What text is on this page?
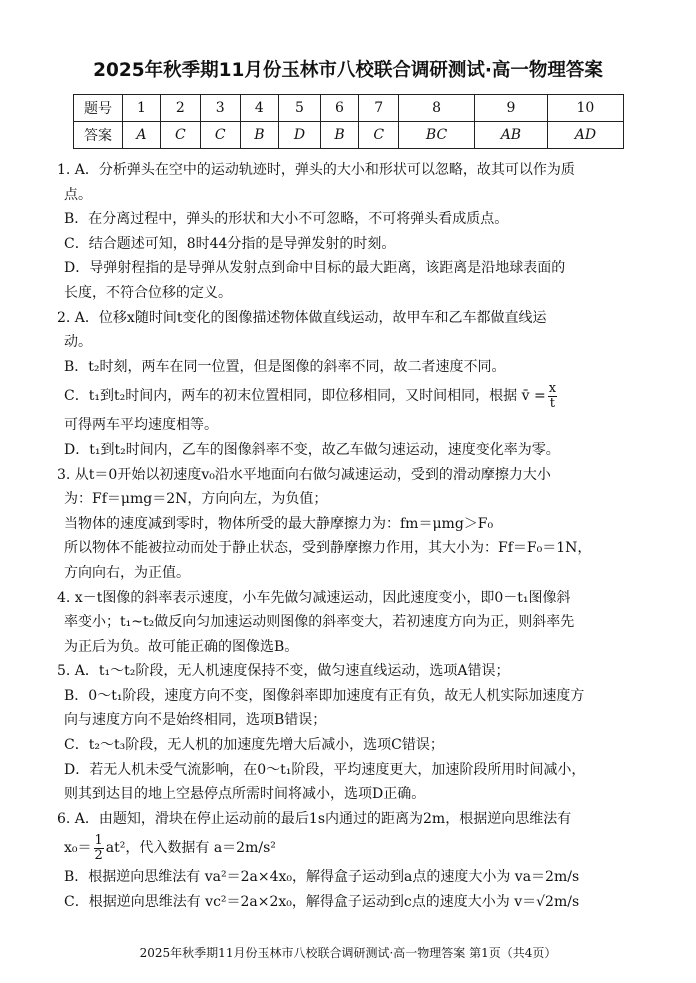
2025年秋季期11月份玉林市八校联合调研测试·高一物理答案
题号	1	2	3	4	5	6	7	8	9	10
答案	A	C	C	B	D	B	C	BC	AB	AD

1. A．分析弹头在空中的运动轨迹时，弹头的大小和形状可以忽略，故其可以作为质

点。

B．在分离过程中，弹头的形状和大小不可忽略，不可将弹头看成质点。

C．结合题述可知，8时44分指的是导弹发射的时刻。

D．导弹射程指的是导弹从发射点到命中目标的最大距离，该距离是沿地球表面的

长度，不符合位移的定义。

2. A．位移x随时间t变化的图像描述物体做直线运动，故甲车和乙车都做直线运

动。

B．t₂时刻，两车在同一位置，但是图像的斜率不同，故二者速度不同。

C．t₁到t₂时间内，两车的初末位置相同，即位移相同，又时间相同，根据 v̄ = $\frac{x}{t}$

可得两车平均速度相等。

D．t₁到t₂时间内，乙车的图像斜率不变，故乙车做匀速运动，速度变化率为零。

3. 从t＝0开始以初速度v₀沿水平地面向右做匀减速运动，受到的滑动摩擦力大小

为：Ff＝μmg＝2N，方向向左，为负值；

当物体的速度减到零时，物体所受的最大静摩擦力为：fm＝μmg＞F₀

所以物体不能被拉动而处于静止状态，受到静摩擦力作用，其大小为：Ff＝F₀＝1N，

方向向右，为正值。

4. x－t图像的斜率表示速度，小车先做匀减速运动，因此速度变小，即0－t₁图像斜

率变小；t₁~t₂做反向匀加速运动则图像的斜率变大，若初速度方向为正，则斜率先

为正后为负。故可能正确的图像选B。

5. A．t₁～t₂阶段，无人机速度保持不变，做匀速直线运动，选项A错误；

B．0～t₁阶段，速度方向不变，图像斜率即加速度有正有负，故无人机实际加速度方

向与速度方向不是始终相同，选项B错误；

C．t₂～t₃阶段，无人机的加速度先增大后减小，选项C错误；

D．若无人机未受气流影响，在0～t₁阶段，平均速度更大，加速阶段所用时间减小，

则其到达目的地上空悬停点所需时间将减小，选项D正确。

6. A．由题知，滑块在停止运动前的最后1s内通过的距离为2m，根据逆向思维法有

$x_0= \frac{1}{2} at^2$，代入数据有 a＝2m/s²

B．根据逆向思维法有 va²＝2a×4x₀，解得盒子运动到a点的速度大小为 va＝2m/s

C．根据逆向思维法有 vc²＝2a×2x₀，解得盒子运动到c点的速度大小为 v＝√2m/s

2025年秋季期11月份玉林市八校联合调研测试·高一物理答案 第1页（共4页）
